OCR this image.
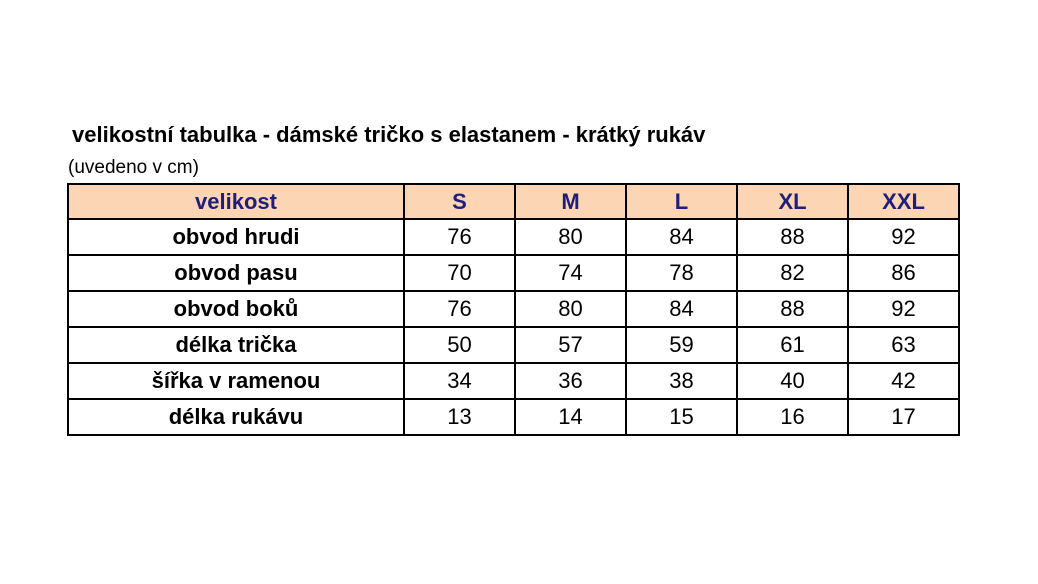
velikostní tabulka - dámské tričko s elastanem - krátký rukáv
(uvedeno v cm)
velikost	S	M	L	XL	XXL
obvod hrudi	76	80	84	88	92
obvod pasu	70	74	78	82	86
obvod boků	76	80	84	88	92
délka trička	50	57	59	61	63
šířka v ramenou	34	36	38	40	42
délka rukávu	13	14	15	16	17
